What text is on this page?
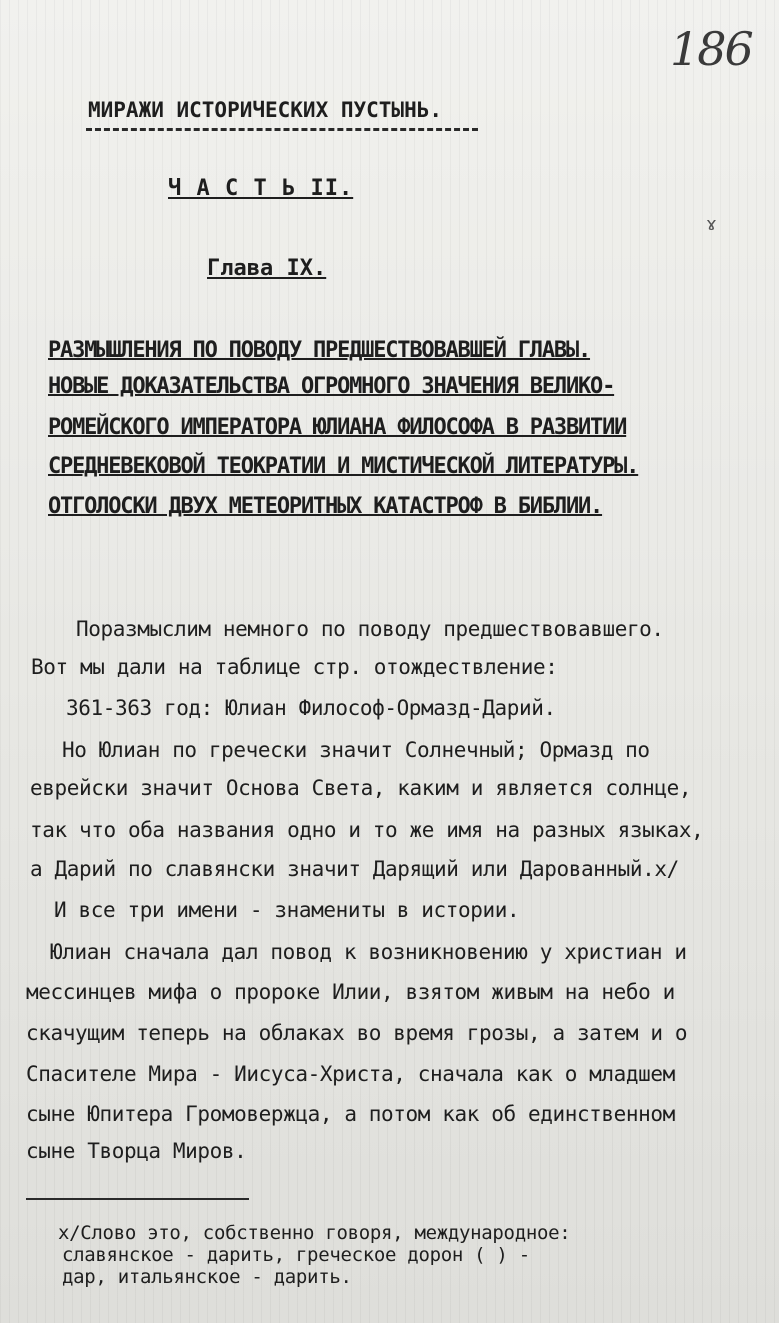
186
ɤ
МИРАЖИ ИСТОРИЧЕСКИХ ПУСТЫНЬ.
Ч А С Т Ь II.
Глава IX.
РАЗМЫШЛЕНИЯ ПО ПОВОДУ ПРЕДШЕСТВОВАВШЕЙ ГЛАВЫ.
НОВЫЕ ДОКАЗАТЕЛЬСТВА ОГРОМНОГО ЗНАЧЕНИЯ ВЕЛИКО-
РОМЕЙСКОГО ИМПЕРАТОРА ЮЛИАНА ФИЛОСОФА В РАЗВИТИИ
СРЕДНЕВЕКОВОЙ ТЕОКРАТИИ И МИСТИЧЕСКОЙ ЛИТЕРАТУРЫ.
ОТГОЛОСКИ ДВУХ МЕТЕОРИТНЫХ КАТАСТРОФ В БИБЛИИ.
Поразмыслим немного по поводу предшествовавшего.
Вот мы дали на таблице стр. отождествление:
361-363 год: Юлиан Философ-Ормазд-Дарий.
Но Юлиан по гречески значит Солнечный; Ормазд по
еврейски значит Основа Света, каким и является солнце,
так что оба названия одно и то же имя на разных языках,
а Дарий по славянски значит Дарящий или Дарованный.x/
И все три имени - знамениты в истории.
Юлиан сначала дал повод к возникновению у христиан и
мессинцев мифа о пророке Илии, взятом живым на небо и
скачущим теперь на облаках во время грозы, а затем и о
Спасителе Мира - Иисуса-Христа, сначала как о младшем
сыне Юпитера Громовержца, а потом как об единственном
сыне Творца Миров.
x/Слово это, собственно говоря, международное:
славянское - дарить, греческое дорон ( ) -
дар, итальянское - дарить.
